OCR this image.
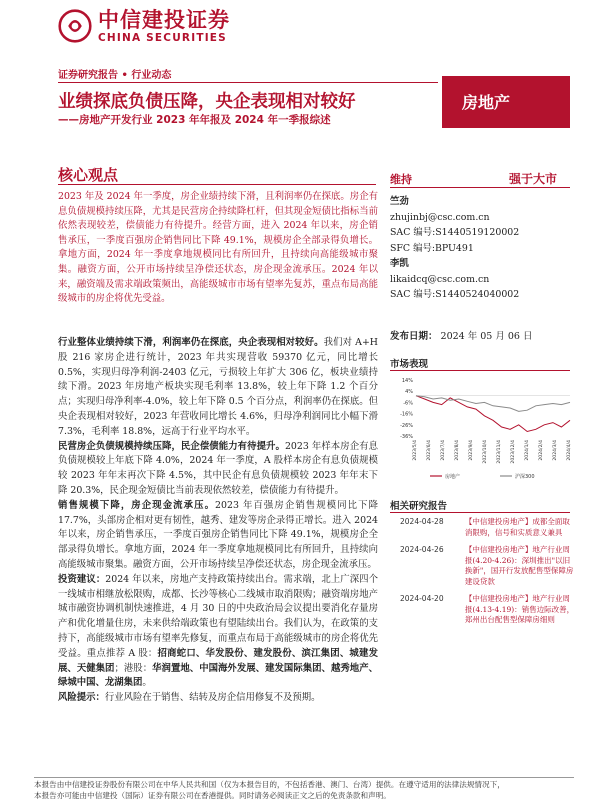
中信建投证券
CHINA SECURITIES
证券研究报告 • 行业动态
业绩探底负债压降，央企表现相对较好
——房地产开发行业 2023 年年报及 2024 年一季报综述
房地产
核心观点
2023 年及 2024 年一季度，房企业绩持续下滑，且利润率仍在探底。房企有息负债规模持续压降，尤其是民营房企持续降杠杆，但其现金短债比指标当前依然表现较差，偿债能力有待提升。经营方面，进入 2024 年以来，房企销售承压，一季度百强房企销售同比下降 49.1%，规模房企全部录得负增长。拿地方面，2024 年一季度拿地规模同比有所回升，且持续向高能级城市聚集。融资方面，公开市场持续呈净偿还状态，房企现金流承压。2024 年以来，融资端及需求端政策频出，高能级城市市场有望率先复苏，重点布局高能级城市的房企将优先受益。

行业整体业绩持续下滑，利润率仍在探底，央企表现相对较好。我们对 A+H 股 216 家房企进行统计，2023 年共实现营收 59370 亿元，同比增长 0.5%，实现归母净利润-2403 亿元，亏损较上年扩大 306 亿，板块业绩持续下滑。2023 年房地产板块实现毛利率 13.8%，较上年下降 1.2 个百分点；实现归母净利率-4.0%，较上年下降 0.5 个百分点，利润率仍在探底。但央企表现相对较好，2023 年营收同比增长 4.6%，归母净利润同比小幅下滑 7.3%，毛利率 18.8%，远高于行业平均水平。

民营房企负债规模持续压降，民企偿债能力有待提升。2023 年样本房企有息负债规模较上年底下降 4.0%，2024 年一季度，A 股样本房企有息负债规模较 2023 年年末再次下降 4.5%，其中民企有息负债规模较 2023 年年末下降 20.3%，民企现金短债比当前表现依然较差，偿债能力有待提升。

销售规模下降，房企现金流承压。2023 年百强房企销售规模同比下降 17.7%，头部房企相对更有韧性，越秀、建发等房企录得正增长。进入 2024 年以来，房企销售承压，一季度百强房企销售同比下降 49.1%，规模房企全部录得负增长。拿地方面，2024 年一季度拿地规模同比有所回升，且持续向高能级城市聚集。融资方面，公开市场持续呈净偿还状态，房企现金流承压。

投资建议：2024 年以来，房地产支持政策持续出台。需求端，北上广深四个一线城市相继放松限购，成都、长沙等核心二线城市取消限购；融资端房地产城市融资协调机制快速推进，4 月 30 日的中央政治局会议提出要消化存量房产和优化增量住房，未来供给端政策也有望陆续出台。我们认为，在政策的支持下，高能级城市市场有望率先修复，而重点布局于高能级城市的房企将优先受益。重点推荐 A 股：招商蛇口、华发股份、建发股份、滨江集团、城建发展、天健集团；港股：华润置地、中国海外发展、建发国际集团、越秀地产、绿城中国、龙湖集团。

风险提示：行业风险在于销售、结转及房企信用修复不及预期。

维持	强于大市
竺劲
zhujinbj@csc.com.cn
SAC 编号:S1440519120002
SFC 编号:BPU491
李凯
likaidcq@csc.com.cn
SAC 编号:S1440524040002
发布日期： 2024 年 05 月 06 日
市场表现
14%
4%
-6%
-16%
-26%
-36%
2023/5/4 2023/6/4 2023/7/4 2023/8/4 2023/9/4 2023/10/4 2023/11/4 2023/12/4 2024/1/4 2024/2/4 2024/3/4 2024/4/4
房地产	沪深300
相关研究报告
2024-04-28	【中信建投房地产】成都全面取消限购，信号和实质意义兼具
2024-04-26	【中信建投房地产】地产行业周报(4.20-4.26)：深圳推出"以旧换新"，国开行发放配售型保障房建设贷款
2024-04-20	【中信建投房地产】地产行业周报(4.13-4.19)：销售边际改善，郑州出台配售型保障房细则
本报告由中信建投证券股份有限公司在中华人民共和国（仅为本报告目的，不包括香港、澳门、台湾）提供。在遵守适用的法律法规情况下，
本报告亦可能由中信建投（国际）证券有限公司在香港提供。同时请务必阅读正文之后的免责条款和声明。
